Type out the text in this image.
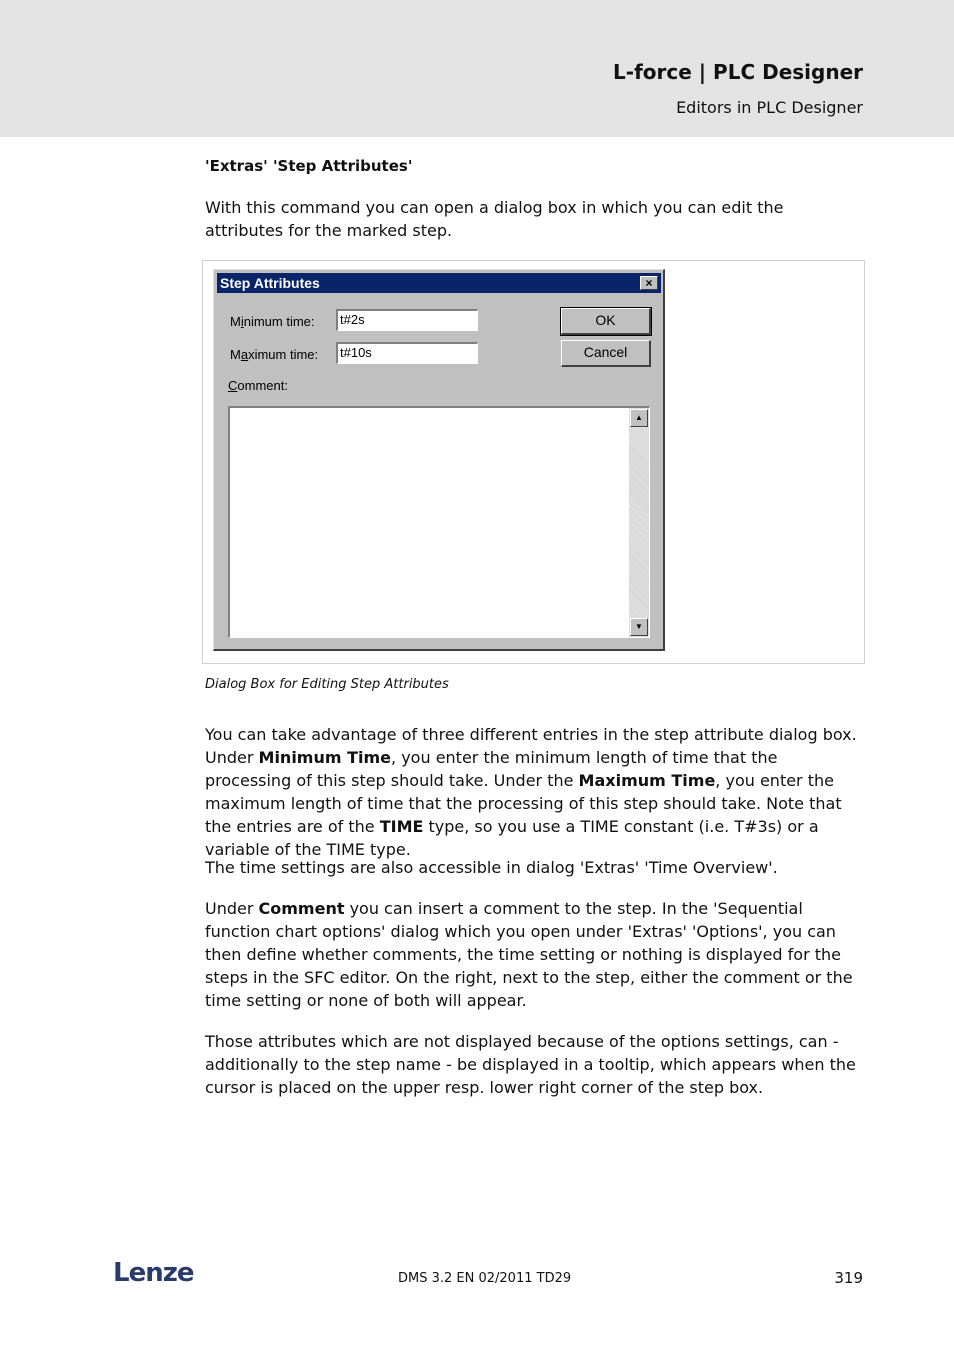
L-force | PLC Designer
Editors in PLC Designer
'Extras' 'Step Attributes'

With this command you can open a dialog box in which you can edit the attributes for the marked step.

Step Attributes	×
Minimum time:	t#2s
Maximum time:	t#10s
Comment:
OK
Cancel
▲
▼
Dialog Box for Editing Step Attributes

You can take advantage of three different entries in the step attribute dialog box. Under Minimum Time, you enter the minimum length of time that the processing of this step should take. Under the Maximum Time, you enter the maximum length of time that the processing of this step should take. Note that the entries are of the TIME type, so you use a TIME constant (i.e. T#3s) or a variable of the TIME type.

The time settings are also accessible in dialog 'Extras' 'Time Overview'.

Under Comment you can insert a comment to the step. In the 'Sequential function chart options' dialog which you open under 'Extras' 'Options', you can then define whether comments, the time setting or nothing is displayed for the steps in the SFC editor. On the right, next to the step, either the comment or the time setting or none of both will appear.

Those attributes which are not displayed because of the options settings, can - additionally to the step name - be displayed in a tooltip, which appears when the cursor is placed on the upper resp. lower right corner of the step box.

Lenze	DMS 3.2 EN 02/2011 TD29	319
